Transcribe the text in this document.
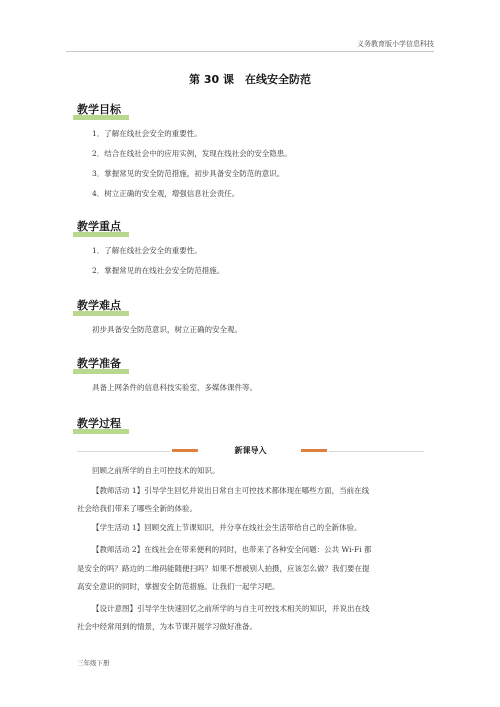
义务教育版小学信息科技
第 30 课　在线安全防范
教学目标
1．了解在线社会安全的重要性。
2．结合在线社会中的应用实例，发现在线社会的安全隐患。
3．掌握常见的安全防范措施，初步具备安全防范的意识。
4．树立正确的安全观，增强信息社会责任。
教学重点
1．了解在线社会安全的重要性。
2．掌握常见的在线社会安全防范措施。
教学难点
初步具备安全防范意识，树立正确的安全观。
教学准备
具备上网条件的信息科技实验室、多媒体课件等。
教学过程
新课导入
回顾之前所学的自主可控技术的知识。
【教师活动 1】引导学生回忆并说出日常自主可控技术都体现在哪些方面，当前在线
社会给我们带来了哪些全新的体验。
【学生活动 1】回顾交流上节课知识，并分享在线社会生活带给自己的全新体验。
【教师活动 2】在线社会在带来便利的同时，也带来了各种安全问题：公共 Wi-Fi 都
是安全的吗？路边的二维码能随便扫吗？如果不想被别人拍摄，应该怎么做？我们要在提
高安全意识的同时，掌握安全防范措施。让我们一起学习吧。
【设计意图】引导学生快速回忆之前所学的与自主可控技术相关的知识，并说出在线
社会中经常用到的情景，为本节课开展学习做好准备。
三年级下册
